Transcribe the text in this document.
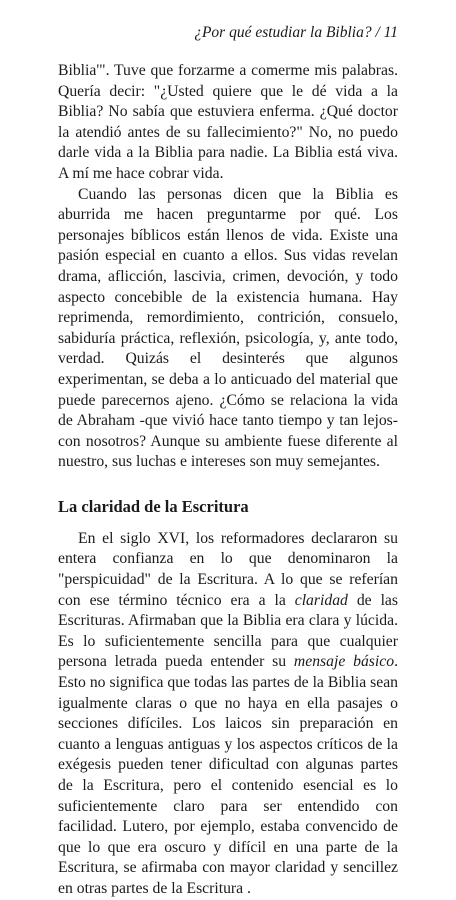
¿Por qué estudiar la Biblia? / 11

Biblia'". Tuve que forzarme a comerme mis palabras. Quería decir: "¿Usted quiere que le dé vida a la Biblia? No sabía que estuviera enferma. ¿Qué doctor la atendió antes de su fallecimiento?" No, no puedo darle vida a la Biblia para nadie. La Biblia está viva. A mí me hace cobrar vida.

Cuando las personas dicen que la Biblia es aburrida me hacen preguntarme por qué. Los personajes bíblicos están llenos de vida. Existe una pasión especial en cuanto a ellos. Sus vidas revelan drama, aflicción, lascivia, crimen, devoción, y todo aspecto concebible de la existencia humana. Hay reprimenda, remordimiento, contrición, consuelo, sabiduría práctica, reflexión, psicología, y, ante todo, verdad. Quizás el desinterés que algunos experimentan, se deba a lo anticuado del material que puede parecernos ajeno. ¿Cómo se relaciona la vida de Abraham -que vivió hace tanto tiempo y tan lejos- con nosotros? Aunque su ambiente fuese diferente al nuestro, sus luchas e intereses son muy semejantes.

La claridad de la Escritura

En el siglo XVI, los reformadores declararon su entera confianza en lo que denominaron la "perspicuidad" de la Escritura. A lo que se referían con ese término técnico era a la claridad de las Escrituras. Afirmaban que la Biblia era clara y lúcida. Es lo suficientemente sencilla para que cualquier persona letrada pueda entender su mensaje básico. Esto no significa que todas las partes de la Biblia sean igualmente claras o que no haya en ella pasajes o secciones difíciles. Los laicos sin preparación en cuanto a lenguas antiguas y los aspectos críticos de la exégesis pueden tener dificultad con algunas partes de la Escritura, pero el contenido esencial es lo suficientemente claro para ser entendido con facilidad. Lutero, por ejemplo, estaba convencido de que lo que era oscuro y difícil en una parte de la Escritura, se afirmaba con mayor claridad y sencillez en otras partes de la Escritura .
